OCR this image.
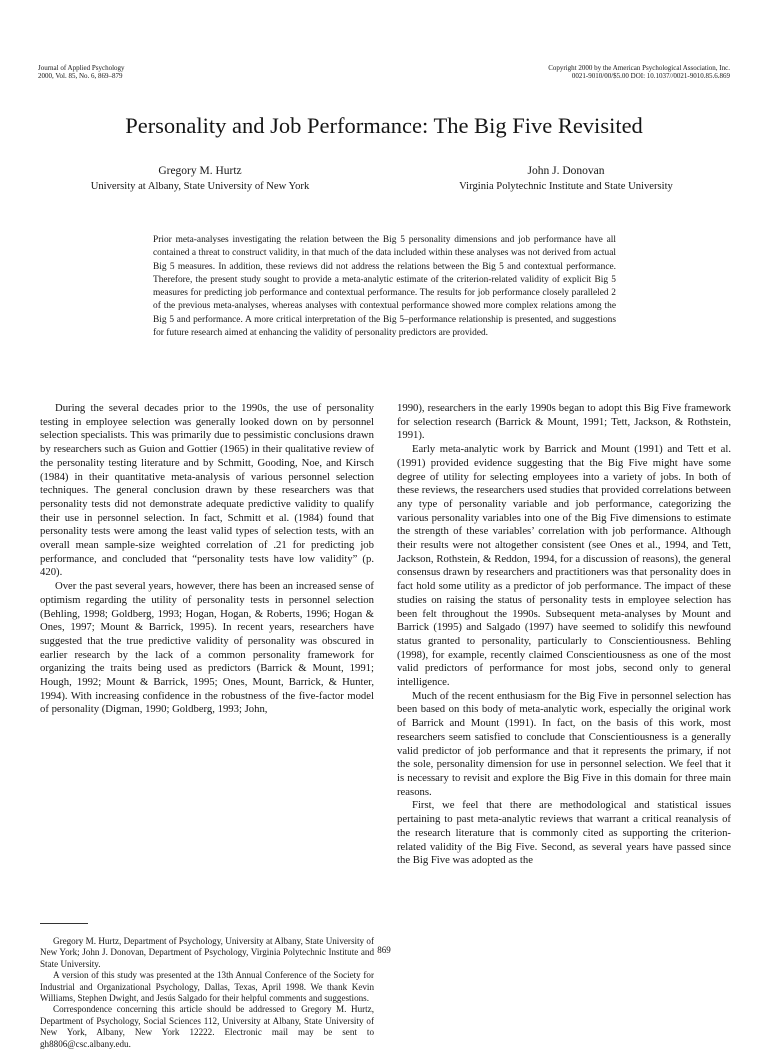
Journal of Applied Psychology
2000, Vol. 85, No. 6, 869–879
Copyright 2000 by the American Psychological Association, Inc.
0021-9010/00/$5.00 DOI: 10.1037//0021-9010.85.6.869
Personality and Job Performance: The Big Five Revisited
Gregory M. Hurtz
University at Albany, State University of New York
John J. Donovan
Virginia Polytechnic Institute and State University
Prior meta-analyses investigating the relation between the Big 5 personality dimensions and job performance have all contained a threat to construct validity, in that much of the data included within these analyses was not derived from actual Big 5 measures. In addition, these reviews did not address the relations between the Big 5 and contextual performance. Therefore, the present study sought to provide a meta-analytic estimate of the criterion-related validity of explicit Big 5 measures for predicting job performance and contextual performance. The results for job performance closely paralleled 2 of the previous meta-analyses, whereas analyses with contextual performance showed more complex relations among the Big 5 and performance. A more critical interpretation of the Big 5–performance relationship is presented, and suggestions for future research aimed at enhancing the validity of personality predictors are provided.

During the several decades prior to the 1990s, the use of personality testing in employee selection was generally looked down on by personnel selection specialists. This was primarily due to pessimistic conclusions drawn by researchers such as Guion and Gottier (1965) in their qualitative review of the personality testing literature and by Schmitt, Gooding, Noe, and Kirsch (1984) in their quantitative meta-analysis of various personnel selection techniques. The general conclusion drawn by these researchers was that personality tests did not demonstrate adequate predictive validity to qualify their use in personnel selection. In fact, Schmitt et al. (1984) found that personality tests were among the least valid types of selection tests, with an overall mean sample-size weighted correlation of .21 for predicting job performance, and concluded that “personality tests have low validity” (p. 420).

Over the past several years, however, there has been an increased sense of optimism regarding the utility of personality tests in personnel selection (Behling, 1998; Goldberg, 1993; Hogan, Hogan, & Roberts, 1996; Hogan & Ones, 1997; Mount & Barrick, 1995). In recent years, researchers have suggested that the true predictive validity of personality was obscured in earlier research by the lack of a common personality framework for organizing the traits being used as predictors (Barrick & Mount, 1991; Hough, 1992; Mount & Barrick, 1995; Ones, Mount, Barrick, & Hunter, 1994). With increasing confidence in the robustness of the five-factor model of personality (Digman, 1990; Goldberg, 1993; John,

1990), researchers in the early 1990s began to adopt this Big Five framework for selection research (Barrick & Mount, 1991; Tett, Jackson, & Rothstein, 1991).

Early meta-analytic work by Barrick and Mount (1991) and Tett et al. (1991) provided evidence suggesting that the Big Five might have some degree of utility for selecting employees into a variety of jobs. In both of these reviews, the researchers used studies that provided correlations between any type of personality variable and job performance, categorizing the various personality variables into one of the Big Five dimensions to estimate the strength of these variables’ correlation with job performance. Although their results were not altogether consistent (see Ones et al., 1994, and Tett, Jackson, Rothstein, & Reddon, 1994, for a discussion of reasons), the general consensus drawn by researchers and practitioners was that personality does in fact hold some utility as a predictor of job performance. The impact of these studies on raising the status of personality tests in employee selection has been felt throughout the 1990s. Subsequent meta-analyses by Mount and Barrick (1995) and Salgado (1997) have seemed to solidify this newfound status granted to personality, particularly to Conscientiousness. Behling (1998), for example, recently claimed Conscientiousness as one of the most valid predictors of performance for most jobs, second only to general intelligence.

Much of the recent enthusiasm for the Big Five in personnel selection has been based on this body of meta-analytic work, especially the original work of Barrick and Mount (1991). In fact, on the basis of this work, most researchers seem satisfied to conclude that Conscientiousness is a generally valid predictor of job performance and that it represents the primary, if not the sole, personality dimension for use in personnel selection. We feel that it is necessary to revisit and explore the Big Five in this domain for three main reasons.

First, we feel that there are methodological and statistical issues pertaining to past meta-analytic reviews that warrant a critical reanalysis of the research literature that is commonly cited as supporting the criterion-related validity of the Big Five. Second, as several years have passed since the Big Five was adopted as the

Gregory M. Hurtz, Department of Psychology, University at Albany, State University of New York; John J. Donovan, Department of Psychology, Virginia Polytechnic Institute and State University.

A version of this study was presented at the 13th Annual Conference of the Society for Industrial and Organizational Psychology, Dallas, Texas, April 1998. We thank Kevin Williams, Stephen Dwight, and Jesús Salgado for their helpful comments and suggestions.

Correspondence concerning this article should be addressed to Gregory M. Hurtz, Department of Psychology, Social Sciences 112, University at Albany, State University of New York, Albany, New York 12222. Electronic mail may be sent to gh8806@csc.albany.edu.

869
